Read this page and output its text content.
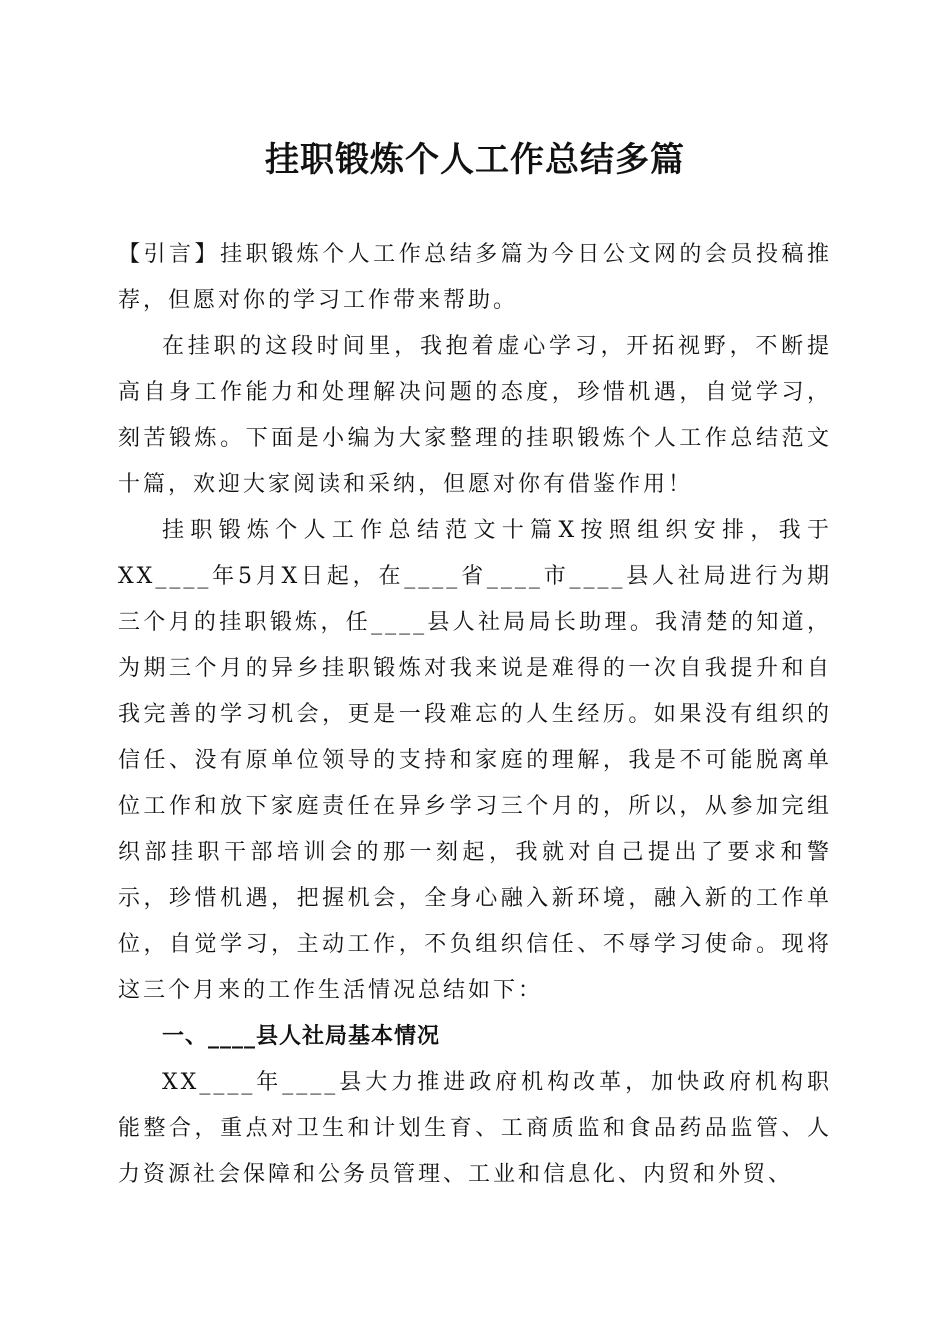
挂职锻炼个人工作总结多篇

【引言】挂职锻炼个人工作总结多篇为今日公文网的会员投稿推荐，但愿对你的学习工作带来帮助。

在挂职的这段时间里，我抱着虚心学习，开拓视野，不断提高自身工作能力和处理解决问题的态度，珍惜机遇，自觉学习，刻苦锻炼。下面是小编为大家整理的挂职锻炼个人工作总结范文十篇，欢迎大家阅读和采纳，但愿对你有借鉴作用！

挂职锻炼个人工作总结范文十篇X按照组织安排，我于XX____年5月X日起，在____省____市____县人社局进行为期三个月的挂职锻炼，任____县人社局局长助理。我清楚的知道，为期三个月的异乡挂职锻炼对我来说是难得的一次自我提升和自我完善的学习机会，更是一段难忘的人生经历。如果没有组织的信任、没有原单位领导的支持和家庭的理解，我是不可能脱离单位工作和放下家庭责任在异乡学习三个月的，所以，从参加完组织部挂职干部培训会的那一刻起，我就对自己提出了要求和警示，珍惜机遇，把握机会，全身心融入新环境，融入新的工作单位，自觉学习，主动工作，不负组织信任、不辱学习使命。现将这三个月来的工作生活情况总结如下：

一、____县人社局基本情况

XX____年____县大力推进政府机构改革，加快政府机构职能整合，重点对卫生和计划生育、工商质监和食品药品监管、人力资源社会保障和公务员管理、工业和信息化、内贸和外贸、
